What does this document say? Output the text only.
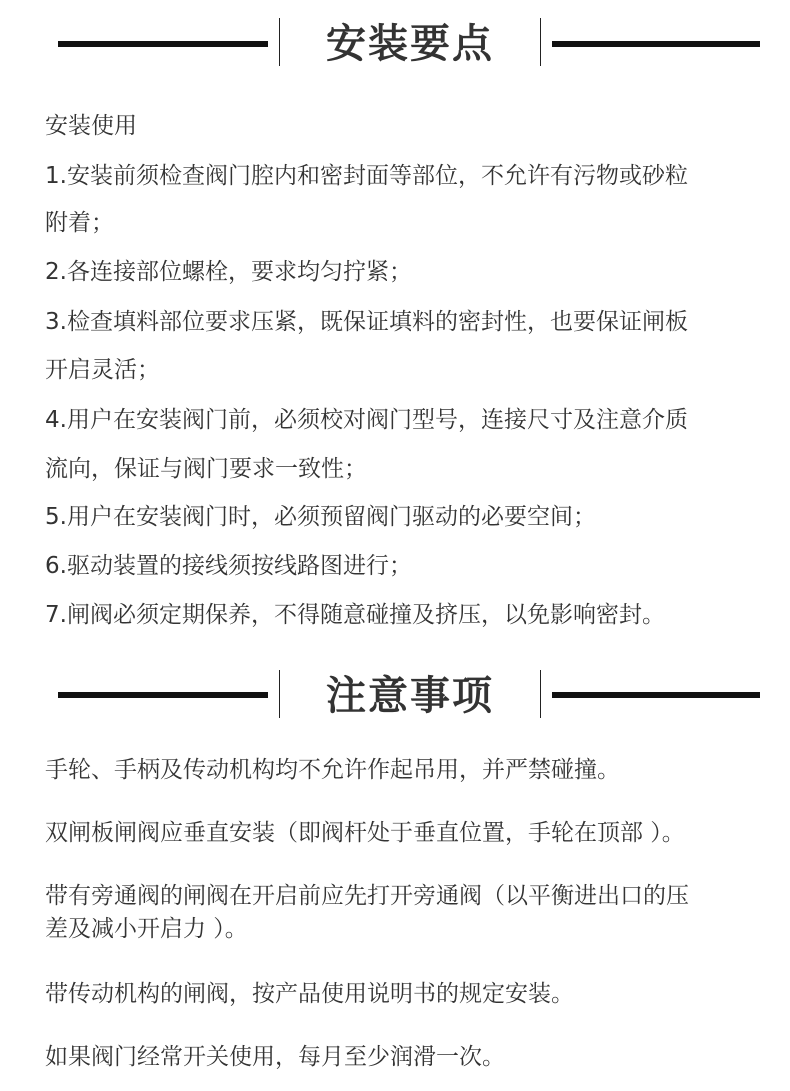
安装要点
安装使用
1.安装前须检查阀门腔内和密封面等部位，不允许有污物或砂粒
附着；
2.各连接部位螺栓，要求均匀拧紧；
3.检查填料部位要求压紧，既保证填料的密封性，也要保证闸板
开启灵活；
4.用户在安装阀门前，必须校对阀门型号，连接尺寸及注意介质
流向，保证与阀门要求一致性；
5.用户在安装阀门时，必须预留阀门驱动的必要空间；
6.驱动装置的接线须按线路图进行；
7.闸阀必须定期保养，不得随意碰撞及挤压，以免影响密封。
注意事项
手轮、手柄及传动机构均不允许作起吊用，并严禁碰撞。
双闸板闸阀应垂直安装（即阀杆处于垂直位置，手轮在顶部 ）。
带有旁通阀的闸阀在开启前应先打开旁通阀（以平衡进出口的压
差及减小开启力 ）。
带传动机构的闸阀，按产品使用说明书的规定安装。
如果阀门经常开关使用，每月至少润滑一次。
